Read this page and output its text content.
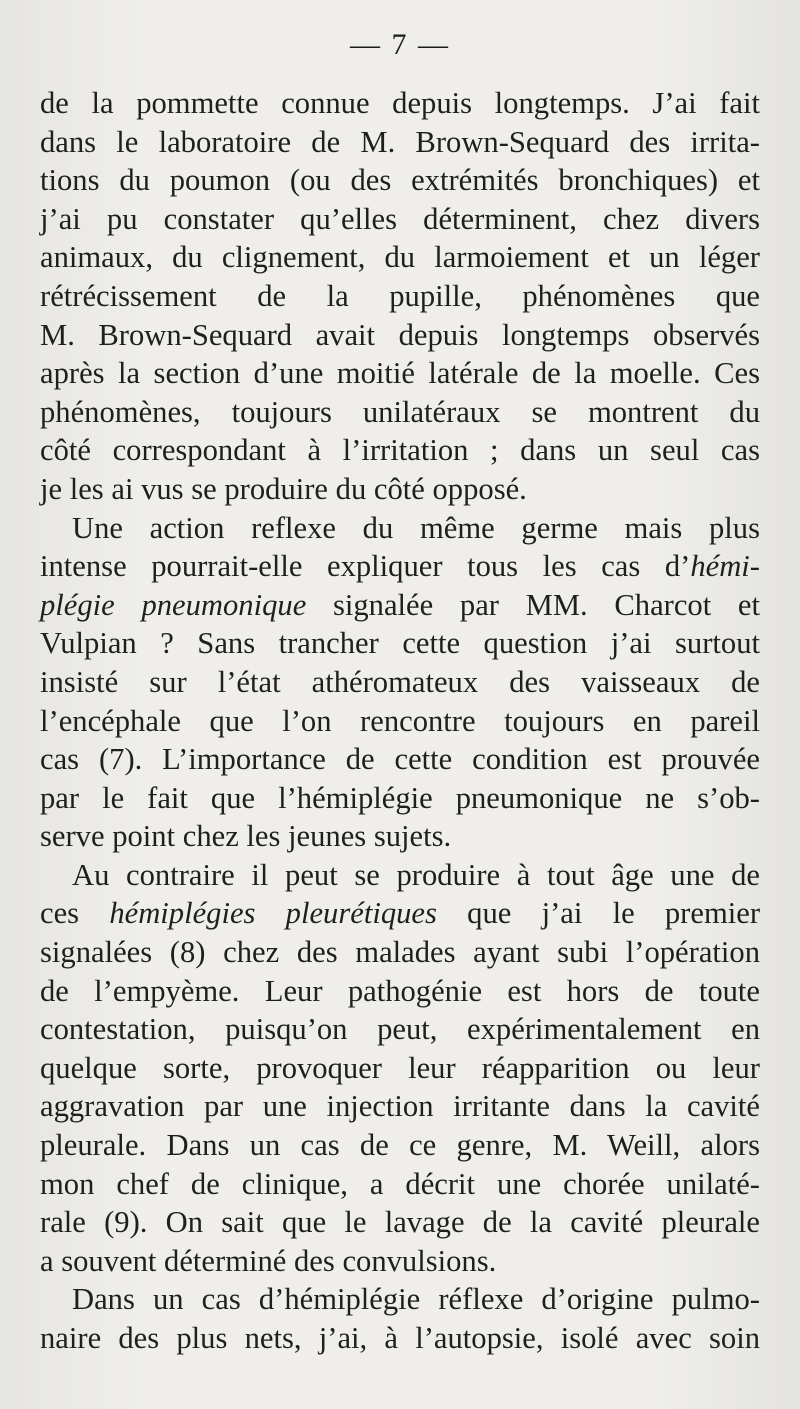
— 7 —
de la pommette connue depuis longtemps. J’ai fait
dans le laboratoire de M. Brown-Sequard des irrita-
tions du poumon (ou des extrémités bronchiques) et
j’ai pu constater qu’elles déterminent, chez divers
animaux, du clignement, du larmoiement et un léger
rétrécissement de la pupille, phénomènes que
M. Brown-Sequard avait depuis longtemps observés
après la section d’une moitié latérale de la moelle. Ces
phénomènes, toujours unilatéraux se montrent du
côté correspondant à l’irritation ; dans un seul cas
je les ai vus se produire du côté opposé.
Une action reflexe du même germe mais plus
intense pourrait-elle expliquer tous les cas d’hémi-
plégie pneumonique signalée par MM. Charcot et
Vulpian ? Sans trancher cette question j’ai surtout
insisté sur l’état athéromateux des vaisseaux de
l’encéphale que l’on rencontre toujours en pareil
cas (7). L’importance de cette condition est prouvée
par le fait que l’hémiplégie pneumonique ne s’ob-
serve point chez les jeunes sujets.
Au contraire il peut se produire à tout âge une de
ces hémiplégies pleurétiques que j’ai le premier
signalées (8) chez des malades ayant subi l’opération
de l’empyème. Leur pathogénie est hors de toute
contestation, puisqu’on peut, expérimentalement en
quelque sorte, provoquer leur réapparition ou leur
aggravation par une injection irritante dans la cavité
pleurale. Dans un cas de ce genre, M. Weill, alors
mon chef de clinique, a décrit une chorée unilaté-
rale (9). On sait que le lavage de la cavité pleurale
a souvent déterminé des convulsions.
Dans un cas d’hémiplégie réflexe d’origine pulmo-
naire des plus nets, j’ai, à l’autopsie, isolé avec soin
